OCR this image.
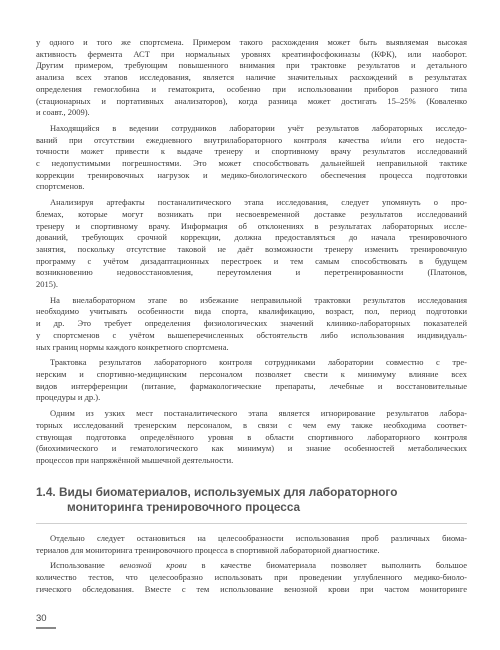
у одного и того же спортсмена. Примером такого расхождения может быть выявляемая высокая
активность фермента АСТ при нормальных уровнях креатинфосфокиназы (КФК), или наоборот.
Другим примером, требующим повышенного внимания при трактовке результатов и детального
анализа всех этапов исследования, является наличие значительных расхождений в результатах
определения гемоглобина и гематокрита, особенно при использовании приборов разного типа
(стационарных и портативных анализаторов), когда разница может достигать 15–25% (Коваленко
и соавт., 2009).
Находящийся в ведении сотрудников лаборатории учёт результатов лабораторных исследо-
ваний при отсутствии ежедневного внутрилабораторного контроля качества и/или его недоста-
точности может привести к выдаче тренеру и спортивному врачу результатов исследований
с недопустимыми погрешностями. Это может способствовать дальнейшей неправильной тактике
коррекции тренировочных нагрузок и медико-биологического обеспечения процесса подготовки
спортсменов.
Анализируя артефакты постаналитического этапа исследования, следует упомянуть о про-
блемах, которые могут возникать при несвоевременной доставке результатов исследований
тренеру и спортивному врачу. Информация об отклонениях в результатах лабораторных иссле-
дований, требующих срочной коррекции, должна предоставляться до начала тренировочного
занятия, поскольку отсутствие таковой не даёт возможности тренеру изменить тренировочную
программу с учётом дизадаптационных перестроек и тем самым способствовать в будущем
возникновению недовосстановления, переутомления и перетренированности (Платонов,
2015).
На внелабораторном этапе во избежание неправильной трактовки результатов исследования
необходимо учитывать особенности вида спорта, квалификацию, возраст, пол, период подготовки
и др. Это требует определения физиологических значений клинико-лабораторных показателей
у спортсменов с учётом вышеперечисленных обстоятельств либо использования индивидуаль-
ных границ нормы каждого конкретного спортсмена.
Трактовка результатов лабораторного контроля сотрудниками лаборатории совместно с тре-
нерским и спортивно-медицинским персоналом позволяет свести к минимуму влияние всех
видов интерференции (питание, фармакологические препараты, лечебные и восстановительные
процедуры и др.).
Одним из узких мест постаналитического этапа является игнорирование результатов лабора-
торных исследований тренерским персоналом, в связи с чем ему также необходима соответ-
ствующая подготовка определённого уровня в области спортивного лабораторного контроля
(биохимического и гематологического как минимум) и знание особенностей метаболических
процессов при напряжённой мышечной деятельности.
1.4. Виды биоматериалов, используемых для лабораторного
мониторинга тренировочного процесса
Отдельно следует остановиться на целесообразности использования проб различных биома-
териалов для мониторинга тренировочного процесса в спортивной лабораторной диагностике.
Использование венозной крови в качестве биоматериала позволяет выполнить большое
количество тестов, что целесообразно использовать при проведении углубленного медико-биоло-
гического обследования. Вместе с тем использование венозной крови при частом мониторинге
30
